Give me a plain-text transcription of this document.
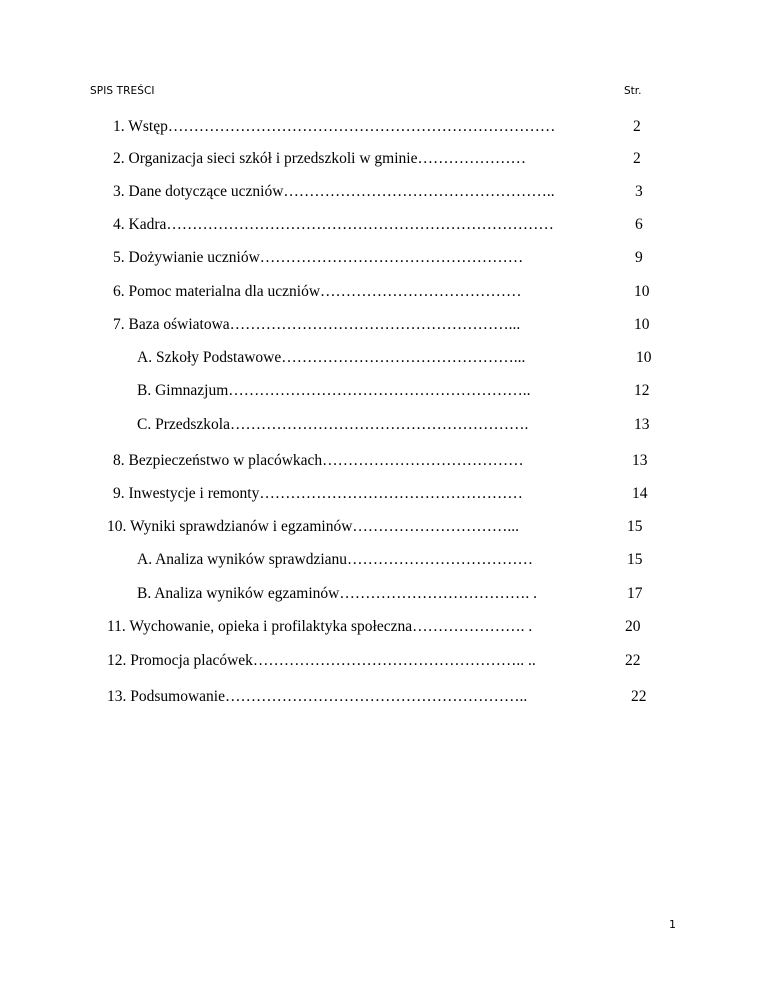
SPIS TREŚCI	Str.
1. Wstęp…………………………………………………………………	2
2. Organizacja sieci szkół i przedszkoli w gminie…………………	2
3. Dane dotyczące uczniów……………………………………………..	3
4. Kadra…………………………………………………………………	6
5. Dożywianie uczniów……………………………………………	9
6. Pomoc materialna dla uczniów…………………………………	10
7. Baza oświatowa………………………………………………...	10
A. Szkoły Podstawowe………………………………………...	10
B. Gimnazjum…………………………………………………..	12
C. Przedszkola………………………………………………….	13
8. Bezpieczeństwo w placówkach…………………………………	13
9. Inwestycje i remonty……………………………………………	14
10. Wyniki sprawdzianów i egzaminów…………………………...	15
A. Analiza wyników sprawdzianu………………………………	15
B. Analiza wyników egzaminów………………………………. .	17
11. Wychowanie, opieka i profilaktyka społeczna…………………. .	20
12. Promocja placówek…………………………………………….. ..	22
13. Podsumowanie…………………………………………………..	22
1
